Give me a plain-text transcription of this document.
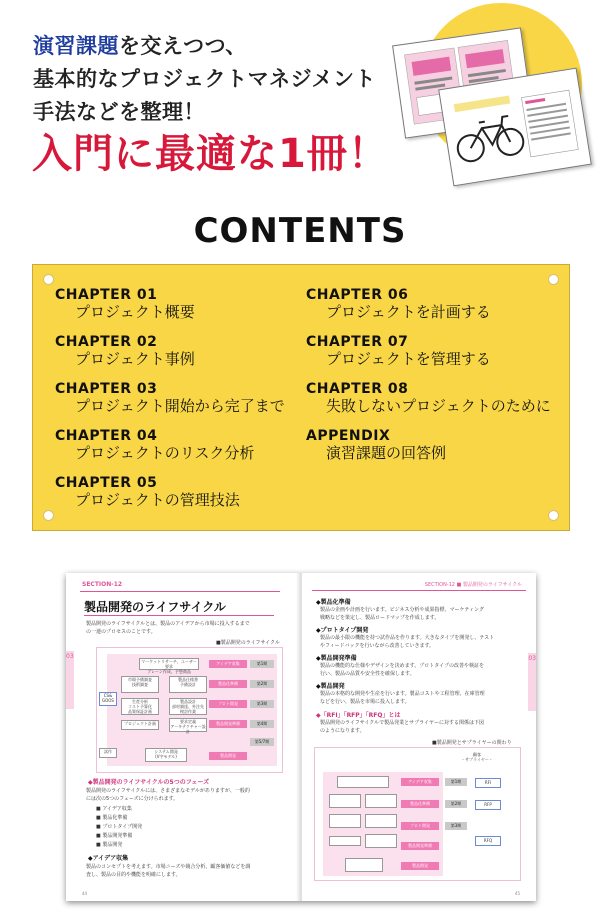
演習課題を交えつつ、
基本的なプロジェクトマネジメント
手法などを整理！
入門に最適な1冊！
CONTENTS
CHAPTER 01
プロジェクト概要
CHAPTER 02
プロジェクト事例
CHAPTER 03
プロジェクト開始から完了まで
CHAPTER 04
プロジェクトのリスク分析
CHAPTER 05
プロジェクトの管理技法
CHAPTER 06
プロジェクトを計画する
CHAPTER 07
プロジェクトを管理する
CHAPTER 08
失敗しないプロジェクトのために
APPENDIX
演習課題の回答例
SECTION-12
製品開発のライフサイクル
製品開発のライフサイクルとは、製品のアイデアから市場に投入するまで
の一連のプロセスのことです。
■製品開発のライフサイクル
マーケットリサーチ、ユーザー要求
ブレーン作成、予想商品
市場予備調査
技術調査
製品仕様書
予備設計
生産分析
コスト予算化
品質保証計画
製品設計
部材調達、外注先
検討作業
プロジェクト計画	要求定義
アーキテクチャー設計
システム開発
(V字モデル)
CS&
GOOS
試作
アイデア収集
製品化準備
プロト開発
製品開発準備
製品開発
第1期
第2期
第3期
第4期
第5/7期
◆製品開発のライフサイクルの5つのフェーズ
製品開発のライフサイクルには、さまざまなモデルがありますが、一般的
には次の5つのフェーズに分けられます。
■ アイデア収集
■ 製品化準備
■ プロトタイプ開発
■ 製品開発準備
■ 製品開発
◆アイデア収集
製品のコンセプトを考えます。市場ニーズや競合分析、顧客価値などを調
査し、製品の目的や機能を明確にします。
03
44
SECTION-12 ■ 製品開発のライフサイクル
◆製品化準備
製品の企画や計画を行います。ビジネス分析や成果指標、マーケティング
戦略などを策定し、製品ロードマップを作成します。
◆プロトタイプ開発
製品の最小限の機能を持つ試作品を作ります。大きなタイプを開発し、テスト
やフィードバックを行いながら改善していきます。
◆製品開発準備
製品の機能的な仕様やデザインを決めます。プロトタイプの改善や検証を
行い、製品の品質や安全性を確保します。
◆製品開発
製品の本格的な開発や生産を行います。製品コストや工程管理、在庫管理
などを行い、製品を市場に投入します。
◆「RFI」「RFP」「RFQ」とは
製品開発のライフサイクルで製品発業とサプライヤーに対する関係は下図
のようになります。
■製品開発とサプライヤーの関わり
顧客
・サプライヤー・
アイデア収集
製品化準備
プロト開発
製品開発準備
製品開発
第1期
第2期
第3期
RFI
RFP
RFQ
03
45
